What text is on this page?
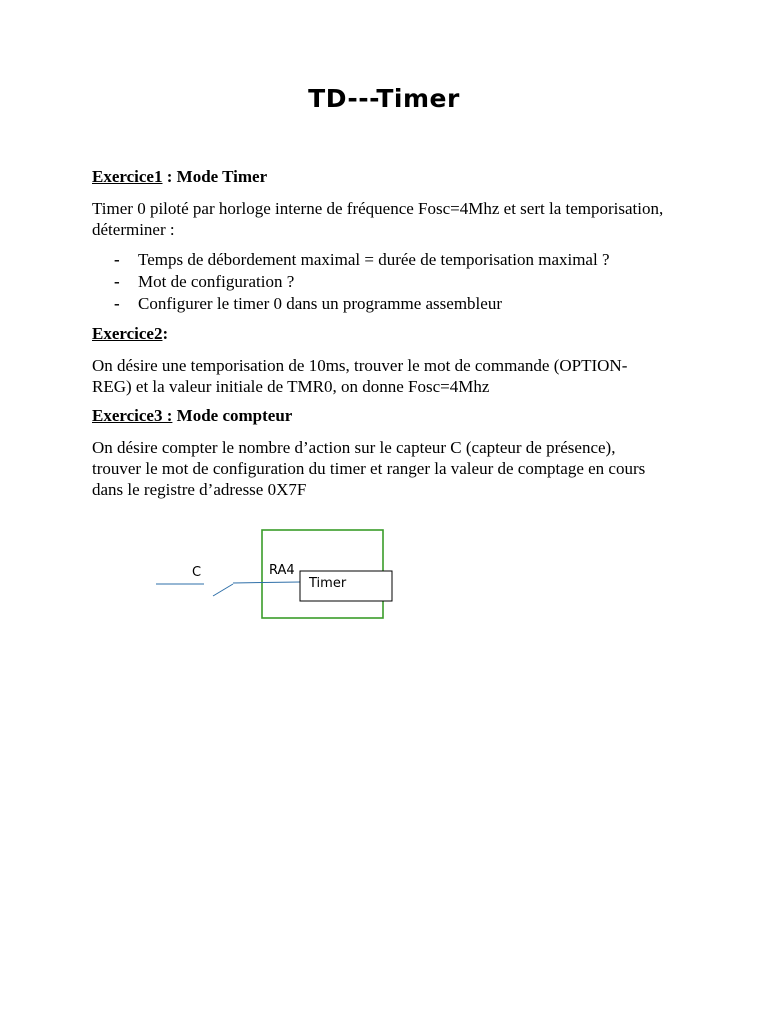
TD---Timer
Exercice1 : Mode Timer
Timer 0 piloté par horloge interne de fréquence Fosc=4Mhz et sert la temporisation, déterminer :
- Temps de débordement maximal = durée de temporisation maximal ?
- Mot de configuration ?
- Configurer le timer 0 dans un programme assembleur
Exercice2:
On désire une temporisation de 10ms, trouver le mot de commande (OPTION-REG) et la valeur initiale de TMR0, on donne Fosc=4Mhz
Exercice3 : Mode compteur
On désire compter le nombre d’action sur le capteur C (capteur de présence), trouver le mot de configuration du timer et ranger la valeur de comptage en cours dans le registre d’adresse 0X7F
C	RA4
Timer
